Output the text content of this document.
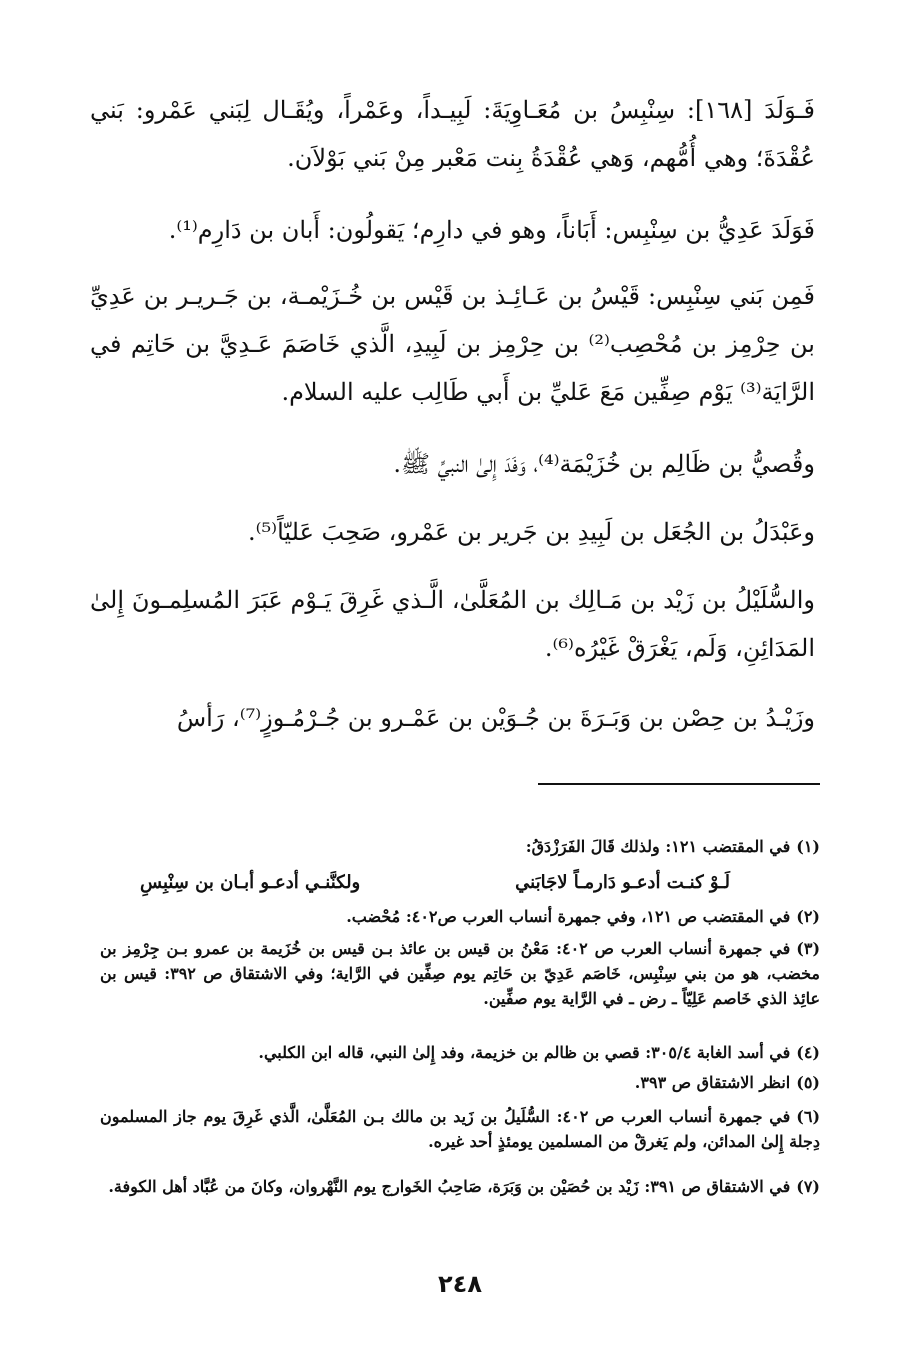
فَـوَلَدَ [١٦٨]: سِنْبِسُ بن مُعَـاوِيَةَ: لَبِيـداً، وعَمْراً، ويُقَـال لِبَني عَمْرو: بَني عُقْدَةَ؛ وهي أُمُّهم، وَهي عُقْدَةُ بِنت مَعْبر مِنْ بَني بَوْلاَن.

فَوَلَدَ عَدِيُّ بن سِنْبِس: أَبَاناً، وهو في دارِم؛ يَقولُون: أَبان بن دَارِم⁽¹⁾.

فَمِن بَني سِنْبِس: قَيْسُ بن عَـائِـذ بن قَيْس بن خُـزَيْمـة، بن جَـريـر بن عَدِيِّ بن حِرْمِز بن مُحْصِب⁽²⁾ بن حِرْمِز بن لَبِيدِ، الَّذي خَاصَمَ عَـدِيَّ بن حَاتِم في الرَّايَة⁽³⁾ يَوْم صِفِّين مَعَ عَليِّ بن أَبي طَالِب عليه السلام.

وقُصيُّ بن ظَالِم بن خُزَيْمَة⁽⁴⁾، وَفَدَ إِلىٰ النبيِّ ﷺ.

وعَبْدَلُ بن الجُعَل بن لَبِيدِ بن جَرير بن عَمْرو، صَحِبَ عَليّاً⁽⁵⁾.

والسُّلَيْلُ بن زَيْد بن مَـالِك بن المُعَلَّىٰ، الَّـذي غَرِقَ يَـوْم عَبَرَ المُسلِمـونَ إِلىٰ المَدَائِنِ، وَلَم، يَغْرَقْ غَيْرُه⁽⁶⁾.

وزَيْـدُ بن حِصْن بن وَبَـرَةَ بن جُـوَيْن بن عَمْـرو بن جُـرْمُـوزٍ⁽⁷⁾، رَأسُ

(١)في المقتضب ١٢١: ولذلك قَالَ الفَرَزْدَقُ:
لَـوْ كنـت أدعـو دَارمـاً لاجَابَني
ولكنَّنـي أدعـو أبـان بن سِنْبِسِ
(٢)في المقتضب ص ١٢١، وفي جمهرة أنساب العرب ص٤٠٢: مُحْضب.
(٣)في جمهرة أنساب العرب ص ٤٠٢: مَعْنُ بن قيس بن عائذ بـن قيس بن خُزَيمة بن عمرو بـن جِرْمِز بن مخضب، هو من بني سِنْبِس، خَاصَم عَدِيّ بن حَاتِم يوم صِفِّين في الرَّاية؛ وفي الاشتقاق ص ٣٩٢: قيس بن عائِذ الذي خَاصم عَلِيّاً ـ رض ـ في الرَّاية يوم صفِّين.
(٤)في أسد الغابة ٣٠٥/٤: قصي بن ظالم بن خزيمة، وفد إِلىٰ النبي، قاله ابن الكلبي.
(٥)انظر الاشتقاق ص ٣٩٣.
(٦)في جمهرة أنساب العرب ص ٤٠٢: السُّلَيلُ بن زَيد بن مالك بـن المُعَلَّىٰ، الَّذي غَرِقَ يوم جاز المسلمون دِجلة إِلىٰ المدائن، ولم يَغرقْ من المسلمين يومئذٍ أحد غيره.
(٧)في الاشتقاق ص ٣٩١: زَيْد بن حُصَيْن بن وَبَرَة، صَاحِبُ الخَوارج يوم النَّهْروان، وكانَ من عُبَّاد أهل الكوفة.
٢٤٨
